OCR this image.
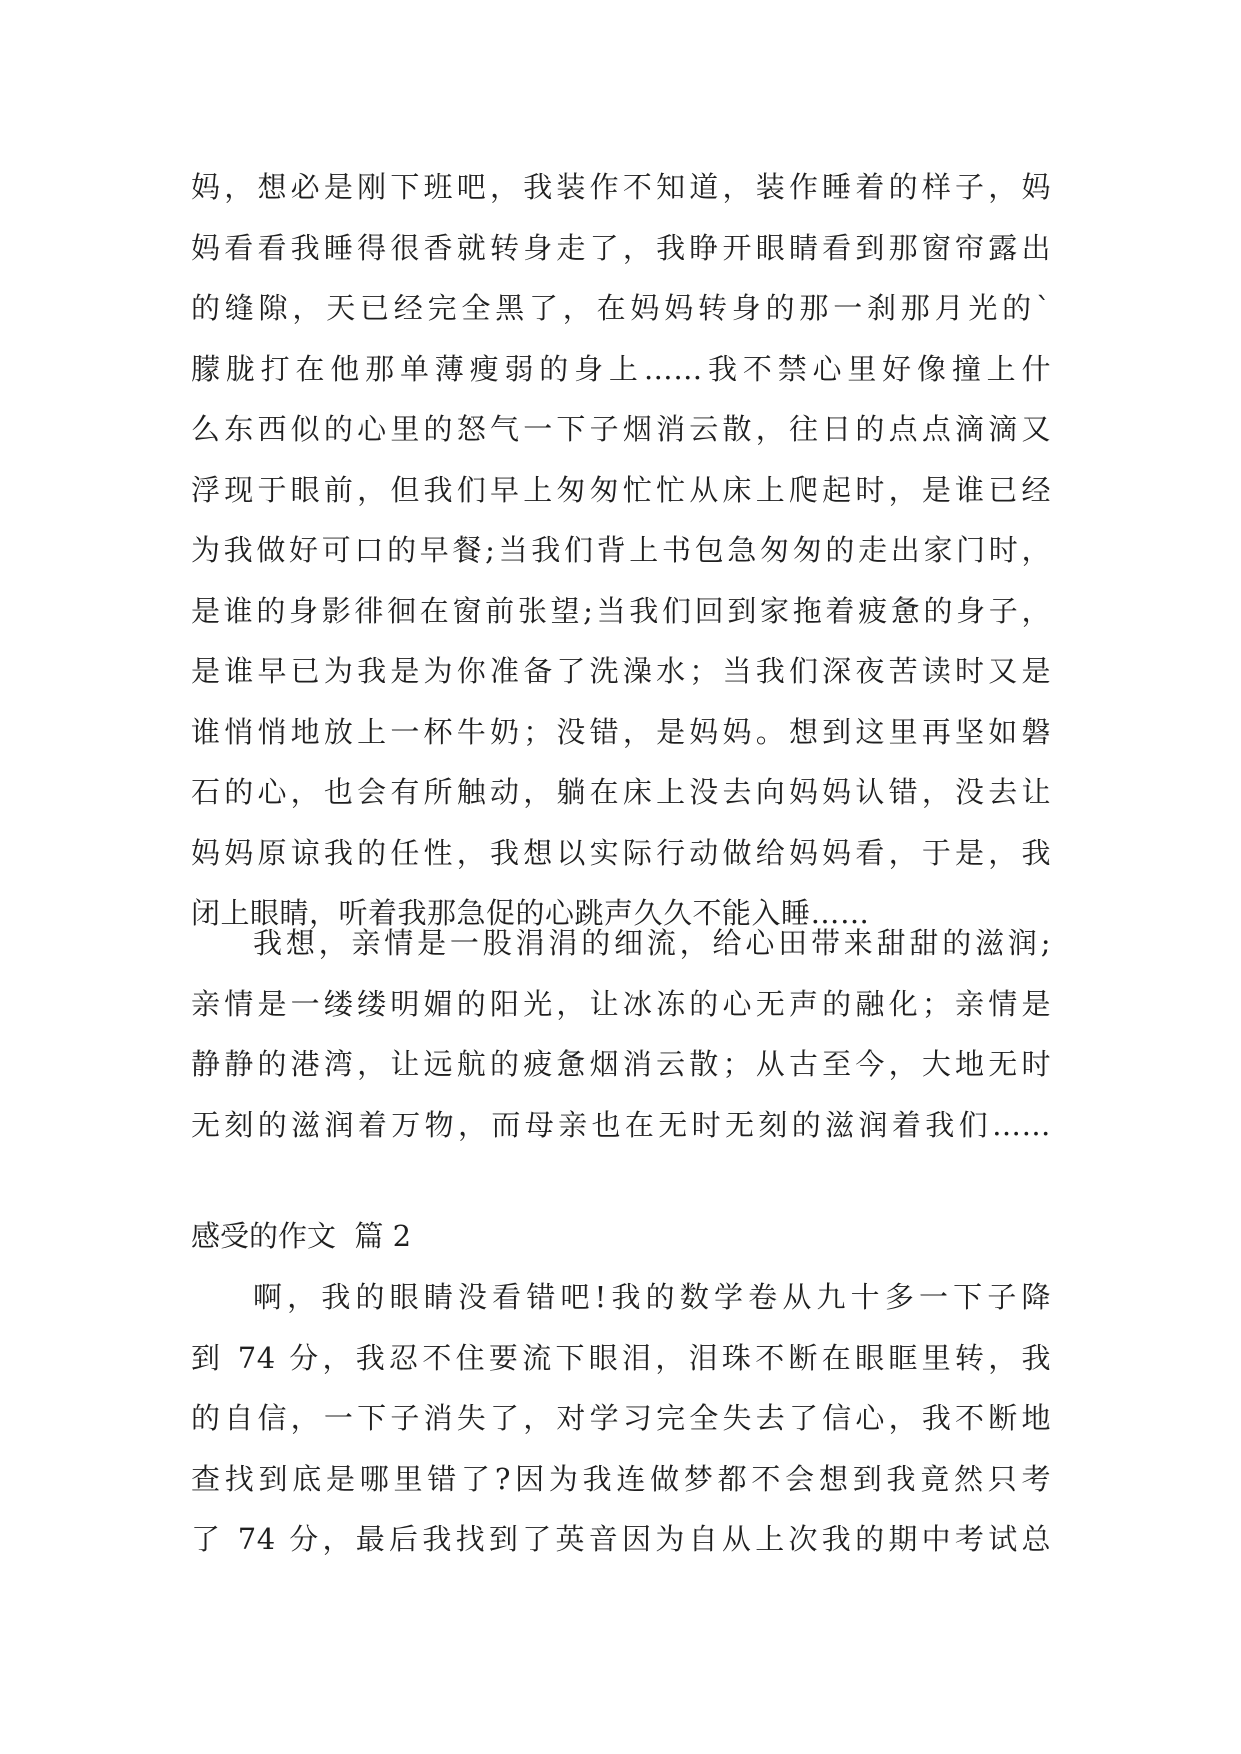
妈，想必是刚下班吧，我装作不知道，装作睡着的样子，妈
妈看看我睡得很香就转身走了，我睁开眼睛看到那窗帘露出
的缝隙，天已经完全黑了，在妈妈转身的那一刹那月光的`
朦胧打在他那单薄瘦弱的身上……我不禁心里好像撞上什
么东西似的心里的怒气一下子烟消云散，往日的点点滴滴又
浮现于眼前，但我们早上匆匆忙忙从床上爬起时，是谁已经
为我做好可口的早餐;当我们背上书包急匆匆的走出家门时，
是谁的身影徘徊在窗前张望;当我们回到家拖着疲惫的身子，
是谁早已为我是为你准备了洗澡水；当我们深夜苦读时又是
谁悄悄地放上一杯牛奶；没错，是妈妈。想到这里再坚如磐
石的心，也会有所触动，躺在床上没去向妈妈认错，没去让
妈妈原谅我的任性，我想以实际行动做给妈妈看，于是，我
闭上眼睛，听着我那急促的心跳声久久不能入睡……
我想，亲情是一股涓涓的细流，给心田带来甜甜的滋润;
亲情是一缕缕明媚的阳光，让冰冻的心无声的融化；亲情是
静静的港湾，让远航的疲惫烟消云散；从古至今，大地无时
无刻的滋润着万物，而母亲也在无时无刻的滋润着我们……
感受的作文  篇 2
啊，我的眼睛没看错吧!我的数学卷从九十多一下子降
到 74 分，我忍不住要流下眼泪，泪珠不断在眼眶里转，我
的自信，一下子消失了，对学习完全失去了信心，我不断地
查找到底是哪里错了?因为我连做梦都不会想到我竟然只考
了 74 分，最后我找到了英音因为自从上次我的期中考试总
